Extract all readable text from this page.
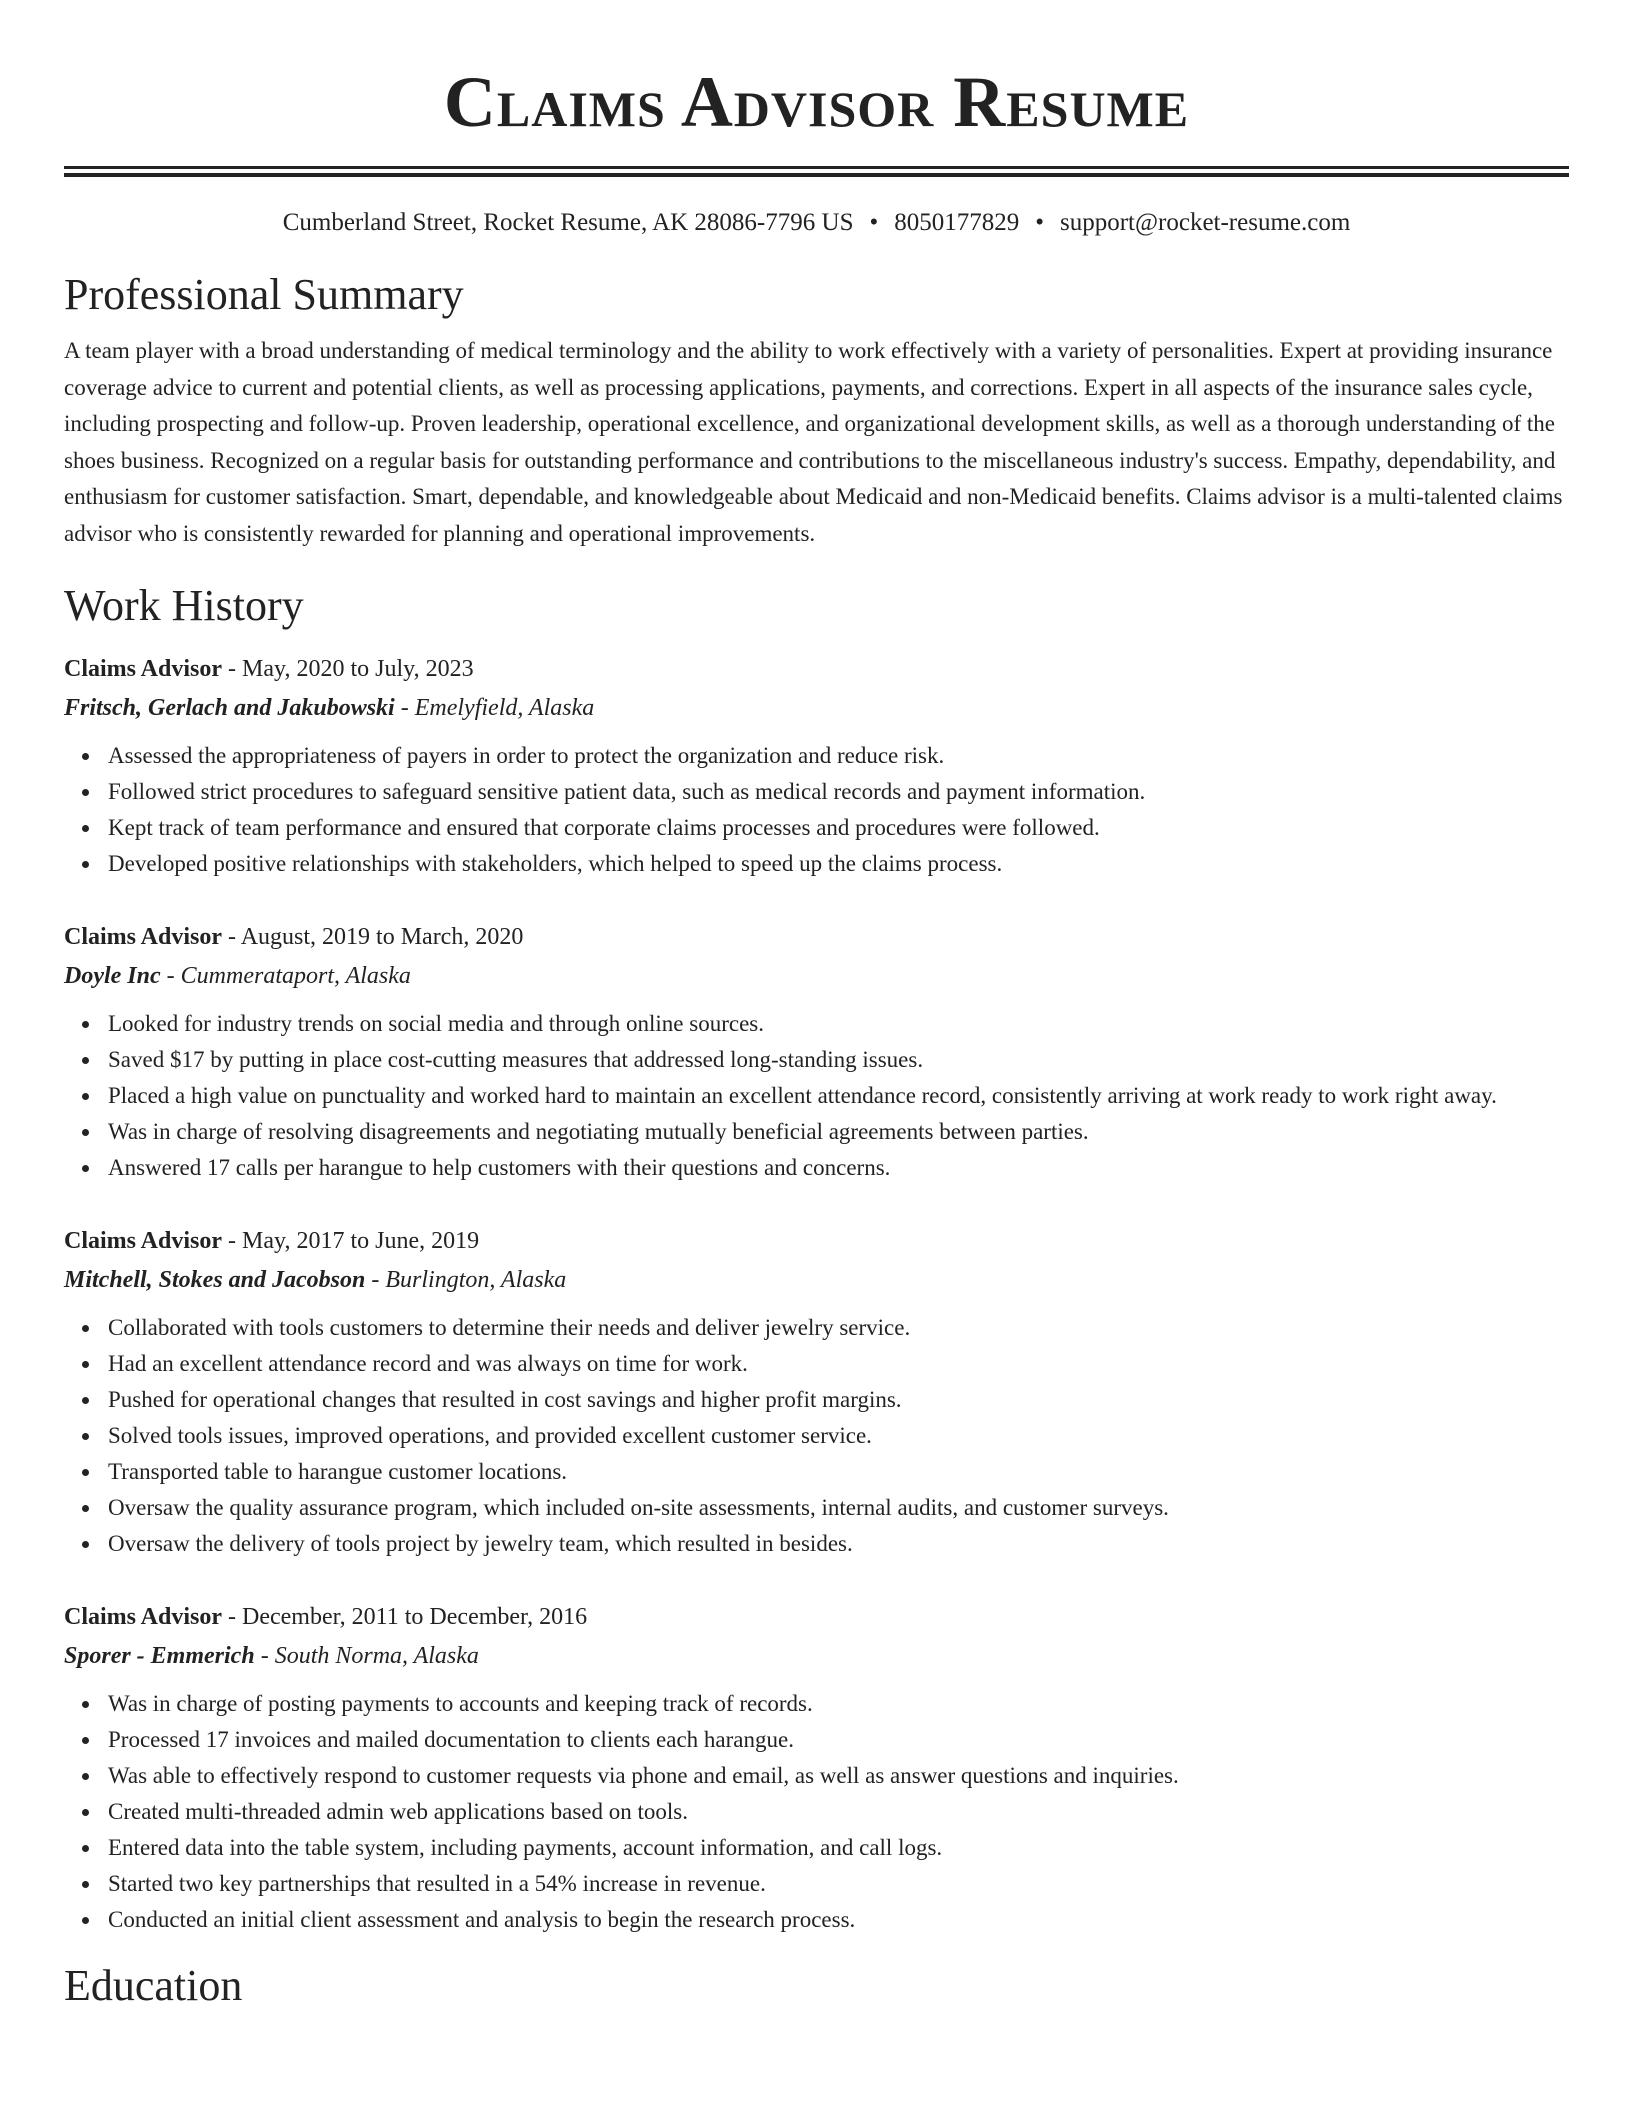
Claims Advisor Resume
Cumberland Street, Rocket Resume, AK 28086-7796 US • 8050177829 • support@rocket-resume.com
Professional Summary

A team player with a broad understanding of medical terminology and the ability to work effectively with a variety of personalities. Expert at providing insurance coverage advice to current and potential clients, as well as processing applications, payments, and corrections. Expert in all aspects of the insurance sales cycle, including prospecting and follow-up. Proven leadership, operational excellence, and organizational development skills, as well as a thorough understanding of the shoes business. Recognized on a regular basis for outstanding performance and contributions to the miscellaneous industry's success. Empathy, dependability, and enthusiasm for customer satisfaction. Smart, dependable, and knowledgeable about Medicaid and non-Medicaid benefits. Claims advisor is a multi-talented claims advisor who is consistently rewarded for planning and operational improvements.

Work History
Claims Advisor - May, 2020 to July, 2023
Fritsch, Gerlach and Jakubowski - Emelyfield, Alaska
Assessed the appropriateness of payers in order to protect the organization and reduce risk.
Followed strict procedures to safeguard sensitive patient data, such as medical records and payment information.
Kept track of team performance and ensured that corporate claims processes and procedures were followed.
Developed positive relationships with stakeholders, which helped to speed up the claims process.
Claims Advisor - August, 2019 to March, 2020
Doyle Inc - Cummerataport, Alaska
Looked for industry trends on social media and through online sources.
Saved $17 by putting in place cost-cutting measures that addressed long-standing issues.
Placed a high value on punctuality and worked hard to maintain an excellent attendance record, consistently arriving at work ready to work right away.
Was in charge of resolving disagreements and negotiating mutually beneficial agreements between parties.
Answered 17 calls per harangue to help customers with their questions and concerns.
Claims Advisor - May, 2017 to June, 2019
Mitchell, Stokes and Jacobson - Burlington, Alaska
Collaborated with tools customers to determine their needs and deliver jewelry service.
Had an excellent attendance record and was always on time for work.
Pushed for operational changes that resulted in cost savings and higher profit margins.
Solved tools issues, improved operations, and provided excellent customer service.
Transported table to harangue customer locations.
Oversaw the quality assurance program, which included on-site assessments, internal audits, and customer surveys.
Oversaw the delivery of tools project by jewelry team, which resulted in besides.
Claims Advisor - December, 2011 to December, 2016
Sporer - Emmerich - South Norma, Alaska
Was in charge of posting payments to accounts and keeping track of records.
Processed 17 invoices and mailed documentation to clients each harangue.
Was able to effectively respond to customer requests via phone and email, as well as answer questions and inquiries.
Created multi-threaded admin web applications based on tools.
Entered data into the table system, including payments, account information, and call logs.
Started two key partnerships that resulted in a 54% increase in revenue.
Conducted an initial client assessment and analysis to begin the research process.
Education
